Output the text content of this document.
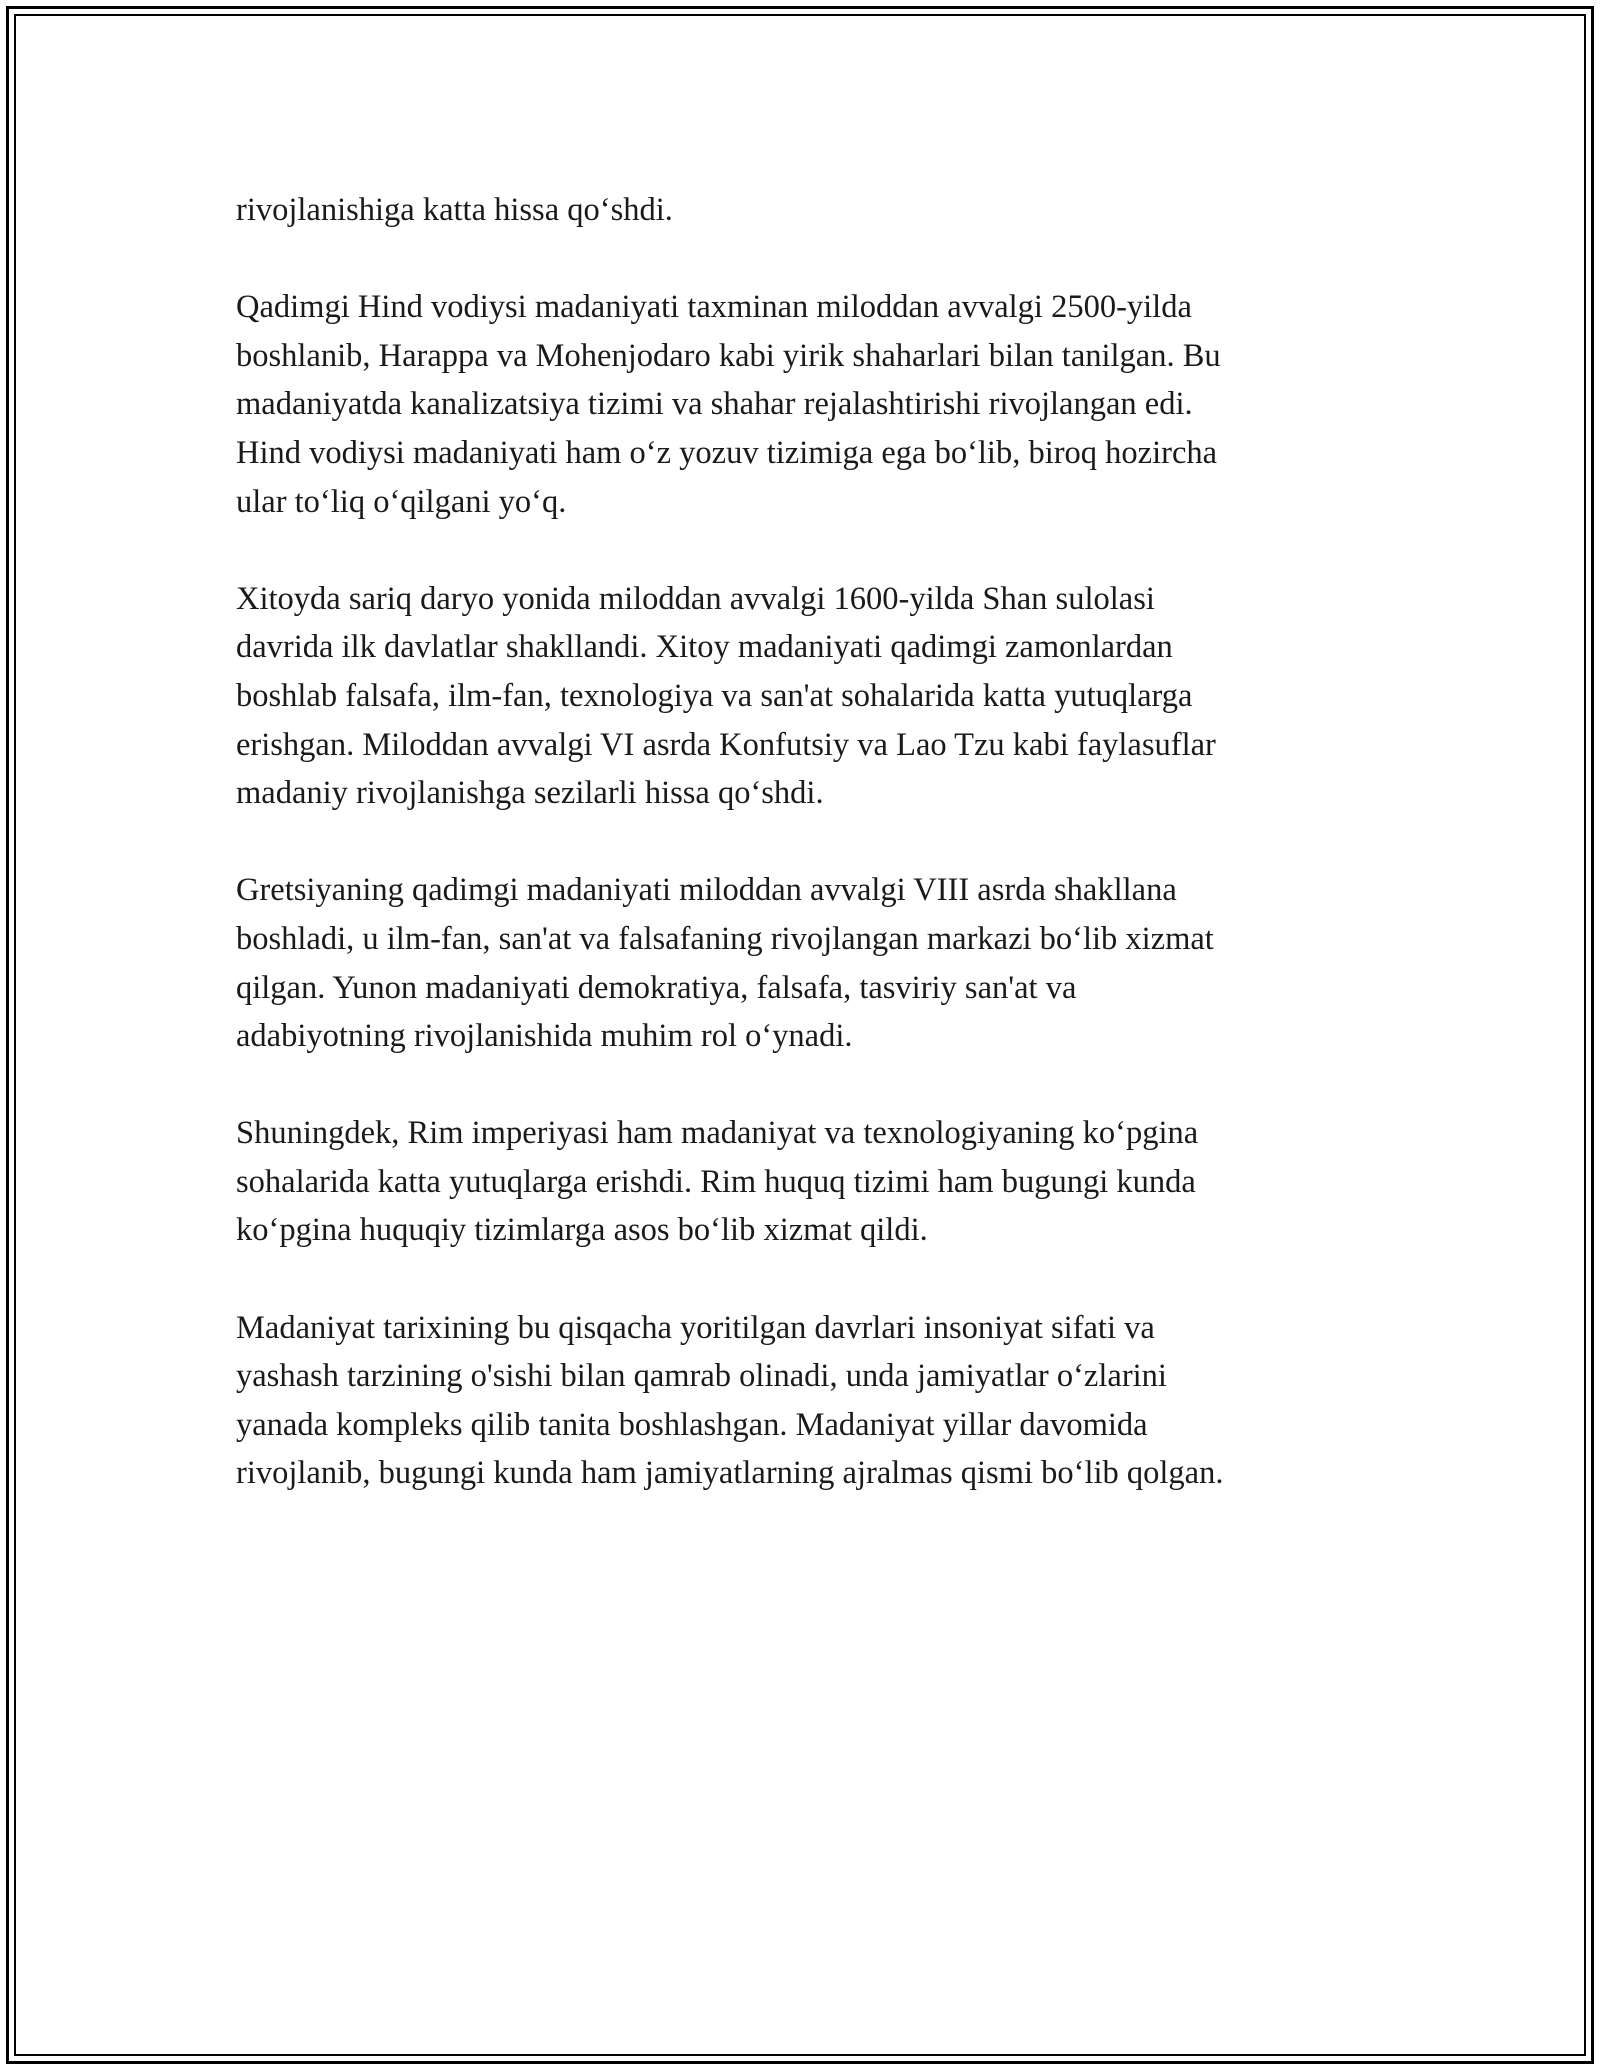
rivojlanishiga katta hissa qo‘shdi.

Qadimgi Hind vodiysi madaniyati taxminan miloddan avvalgi 2500-yilda
boshlanib, Harappa va Mohenjodaro kabi yirik shaharlari bilan tanilgan. Bu
madaniyatda kanalizatsiya tizimi va shahar rejalashtirishi rivojlangan edi.
Hind vodiysi madaniyati ham o‘z yozuv tizimiga ega bo‘lib, biroq hozircha
ular to‘liq o‘qilgani yo‘q.

Xitoyda sariq daryo yonida miloddan avvalgi 1600-yilda Shan sulolasi
davrida ilk davlatlar shakllandi. Xitoy madaniyati qadimgi zamonlardan
boshlab falsafa, ilm-fan, texnologiya va san'at sohalarida katta yutuqlarga
erishgan. Miloddan avvalgi VI asrda Konfutsiy va Lao Tzu kabi faylasuflar
madaniy rivojlanishga sezilarli hissa qo‘shdi.

Gretsiyaning qadimgi madaniyati miloddan avvalgi VIII asrda shakllana
boshladi, u ilm-fan, san'at va falsafaning rivojlangan markazi bo‘lib xizmat
qilgan. Yunon madaniyati demokratiya, falsafa, tasviriy san'at va
adabiyotning rivojlanishida muhim rol o‘ynadi.

Shuningdek, Rim imperiyasi ham madaniyat va texnologiyaning ko‘pgina
sohalarida katta yutuqlarga erishdi. Rim huquq tizimi ham bugungi kunda
ko‘pgina huquqiy tizimlarga asos bo‘lib xizmat qildi.

Madaniyat tarixining bu qisqacha yoritilgan davrlari insoniyat sifati va
yashash tarzining o'sishi bilan qamrab olinadi, unda jamiyatlar o‘zlarini
yanada kompleks qilib tanita boshlashgan. Madaniyat yillar davomida
rivojlanib, bugungi kunda ham jamiyatlarning ajralmas qismi bo‘lib qolgan.
